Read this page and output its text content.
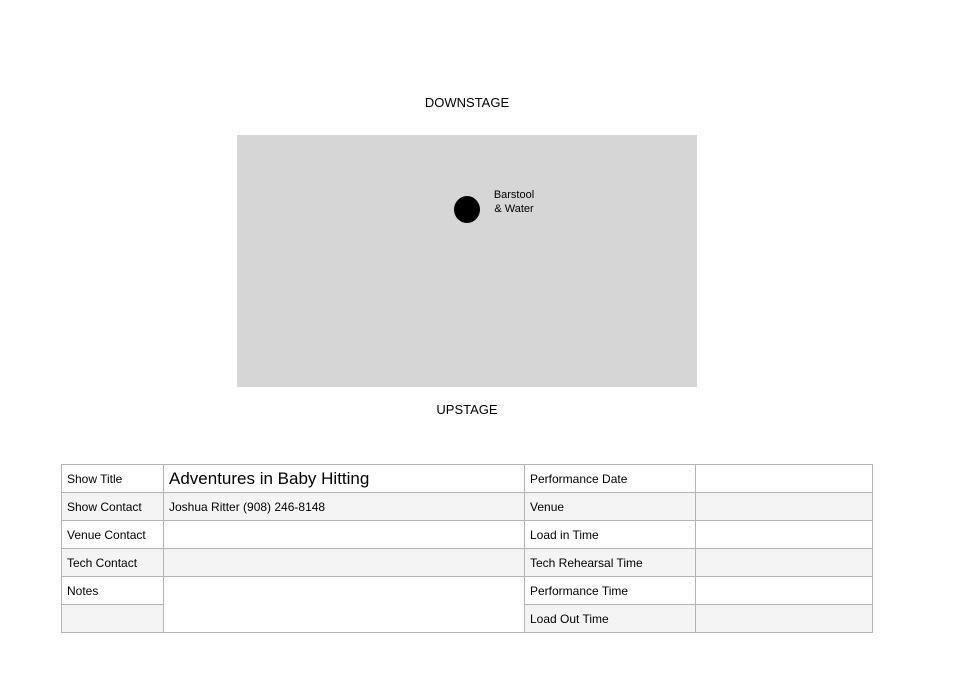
DOWNSTAGE
Barstool
& Water
UPSTAGE
Show Title	Adventures in Baby Hitting	Performance Date	
Show Contact	Joshua Ritter (908) 246-8148	Venue	
Venue Contact		Load in Time	
Tech Contact		Tech Rehearsal Time	
Notes		Performance Time	
		Load Out Time	
